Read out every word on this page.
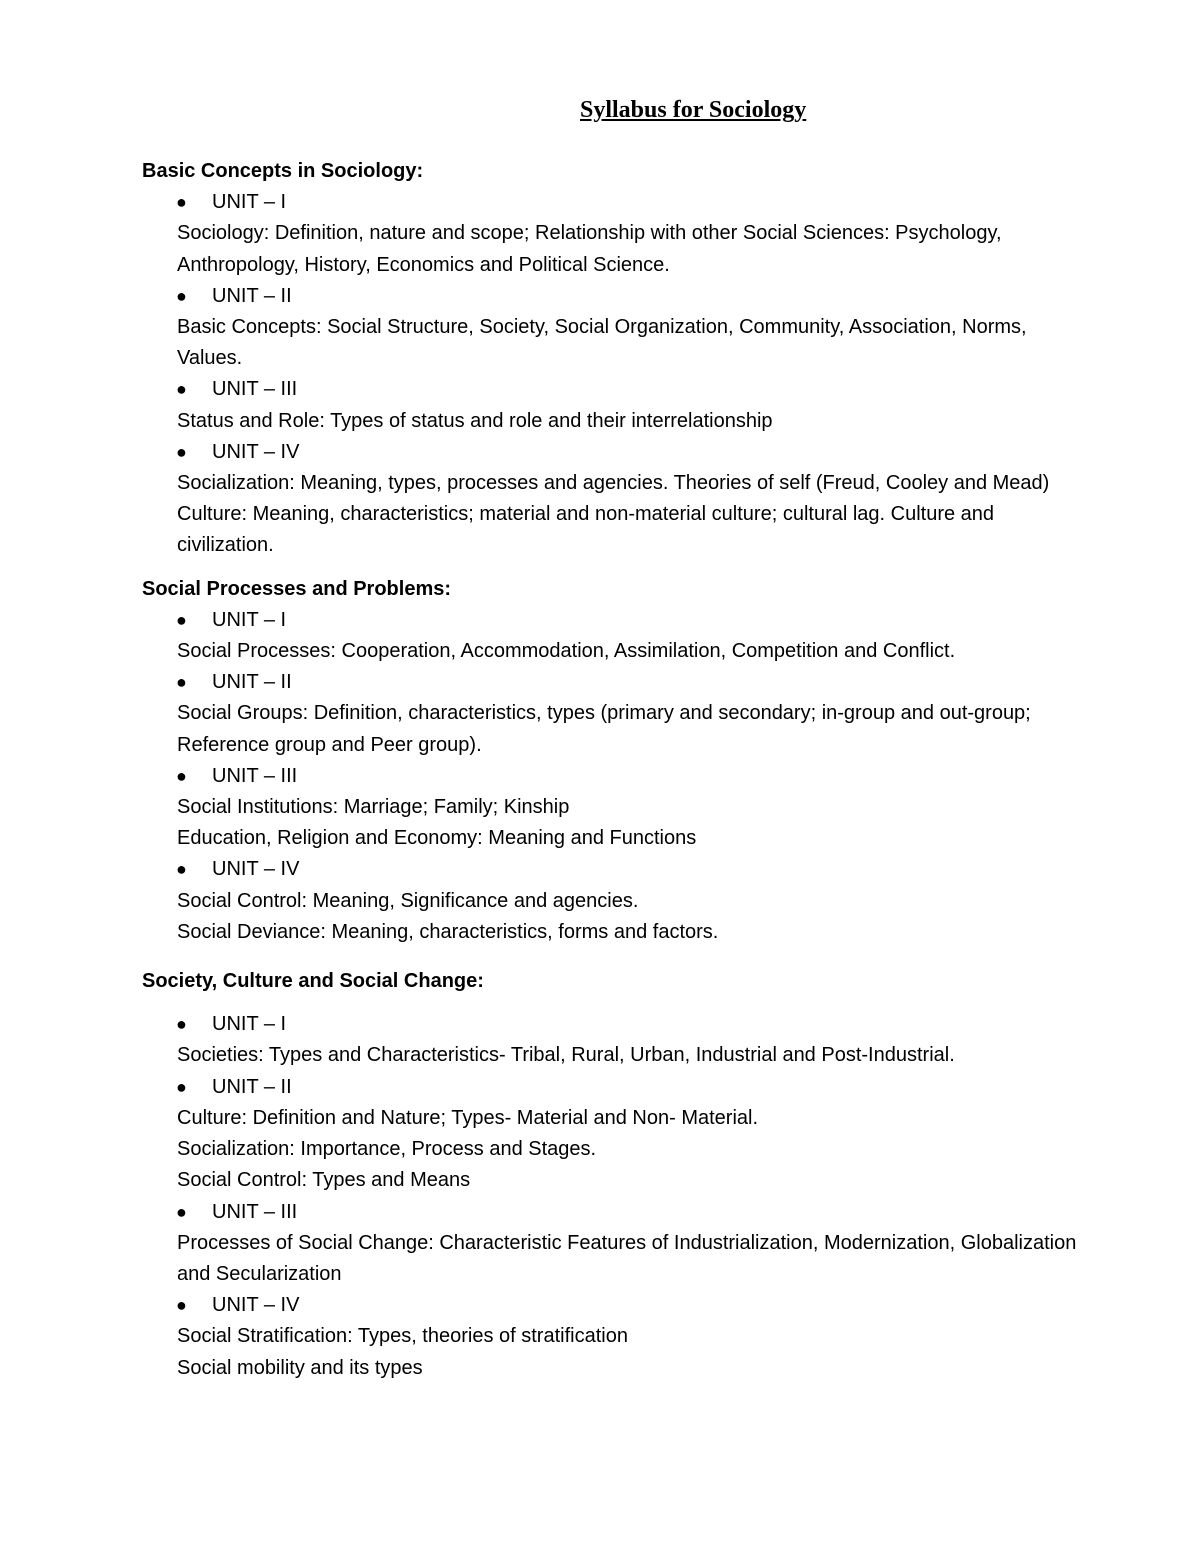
Syllabus for Sociology
Basic Concepts in Sociology:

● UNIT – I

Sociology: Definition, nature and scope; Relationship with other Social Sciences: Psychology, Anthropology, History, Economics and Political Science.

● UNIT – II

Basic Concepts: Social Structure, Society, Social Organization, Community, Association, Norms, Values.

● UNIT – III

Status and Role: Types of status and role and their interrelationship

● UNIT – IV

Socialization: Meaning, types, processes and agencies. Theories of self (Freud, Cooley and Mead) Culture: Meaning, characteristics; material and non-material culture; cultural lag. Culture and civilization.

Social Processes and Problems:

● UNIT – I

Social Processes: Cooperation, Accommodation, Assimilation, Competition and Conflict.

● UNIT – II

Social Groups: Definition, characteristics, types (primary and secondary; in-group and out-group; Reference group and Peer group).

● UNIT – III

Social Institutions: Marriage; Family; Kinship

Education, Religion and Economy: Meaning and Functions

● UNIT – IV

Social Control: Meaning, Significance and agencies.

Social Deviance: Meaning, characteristics, forms and factors.

Society, Culture and Social Change:

● UNIT – I

Societies: Types and Characteristics- Tribal, Rural, Urban, Industrial and Post-Industrial.

● UNIT – II

Culture: Definition and Nature; Types- Material and Non- Material.

Socialization: Importance, Process and Stages.

Social Control: Types and Means

● UNIT – III

Processes of Social Change: Characteristic Features of Industrialization, Modernization, Globalization and Secularization

● UNIT – IV

Social Stratification: Types, theories of stratification

Social mobility and its types
